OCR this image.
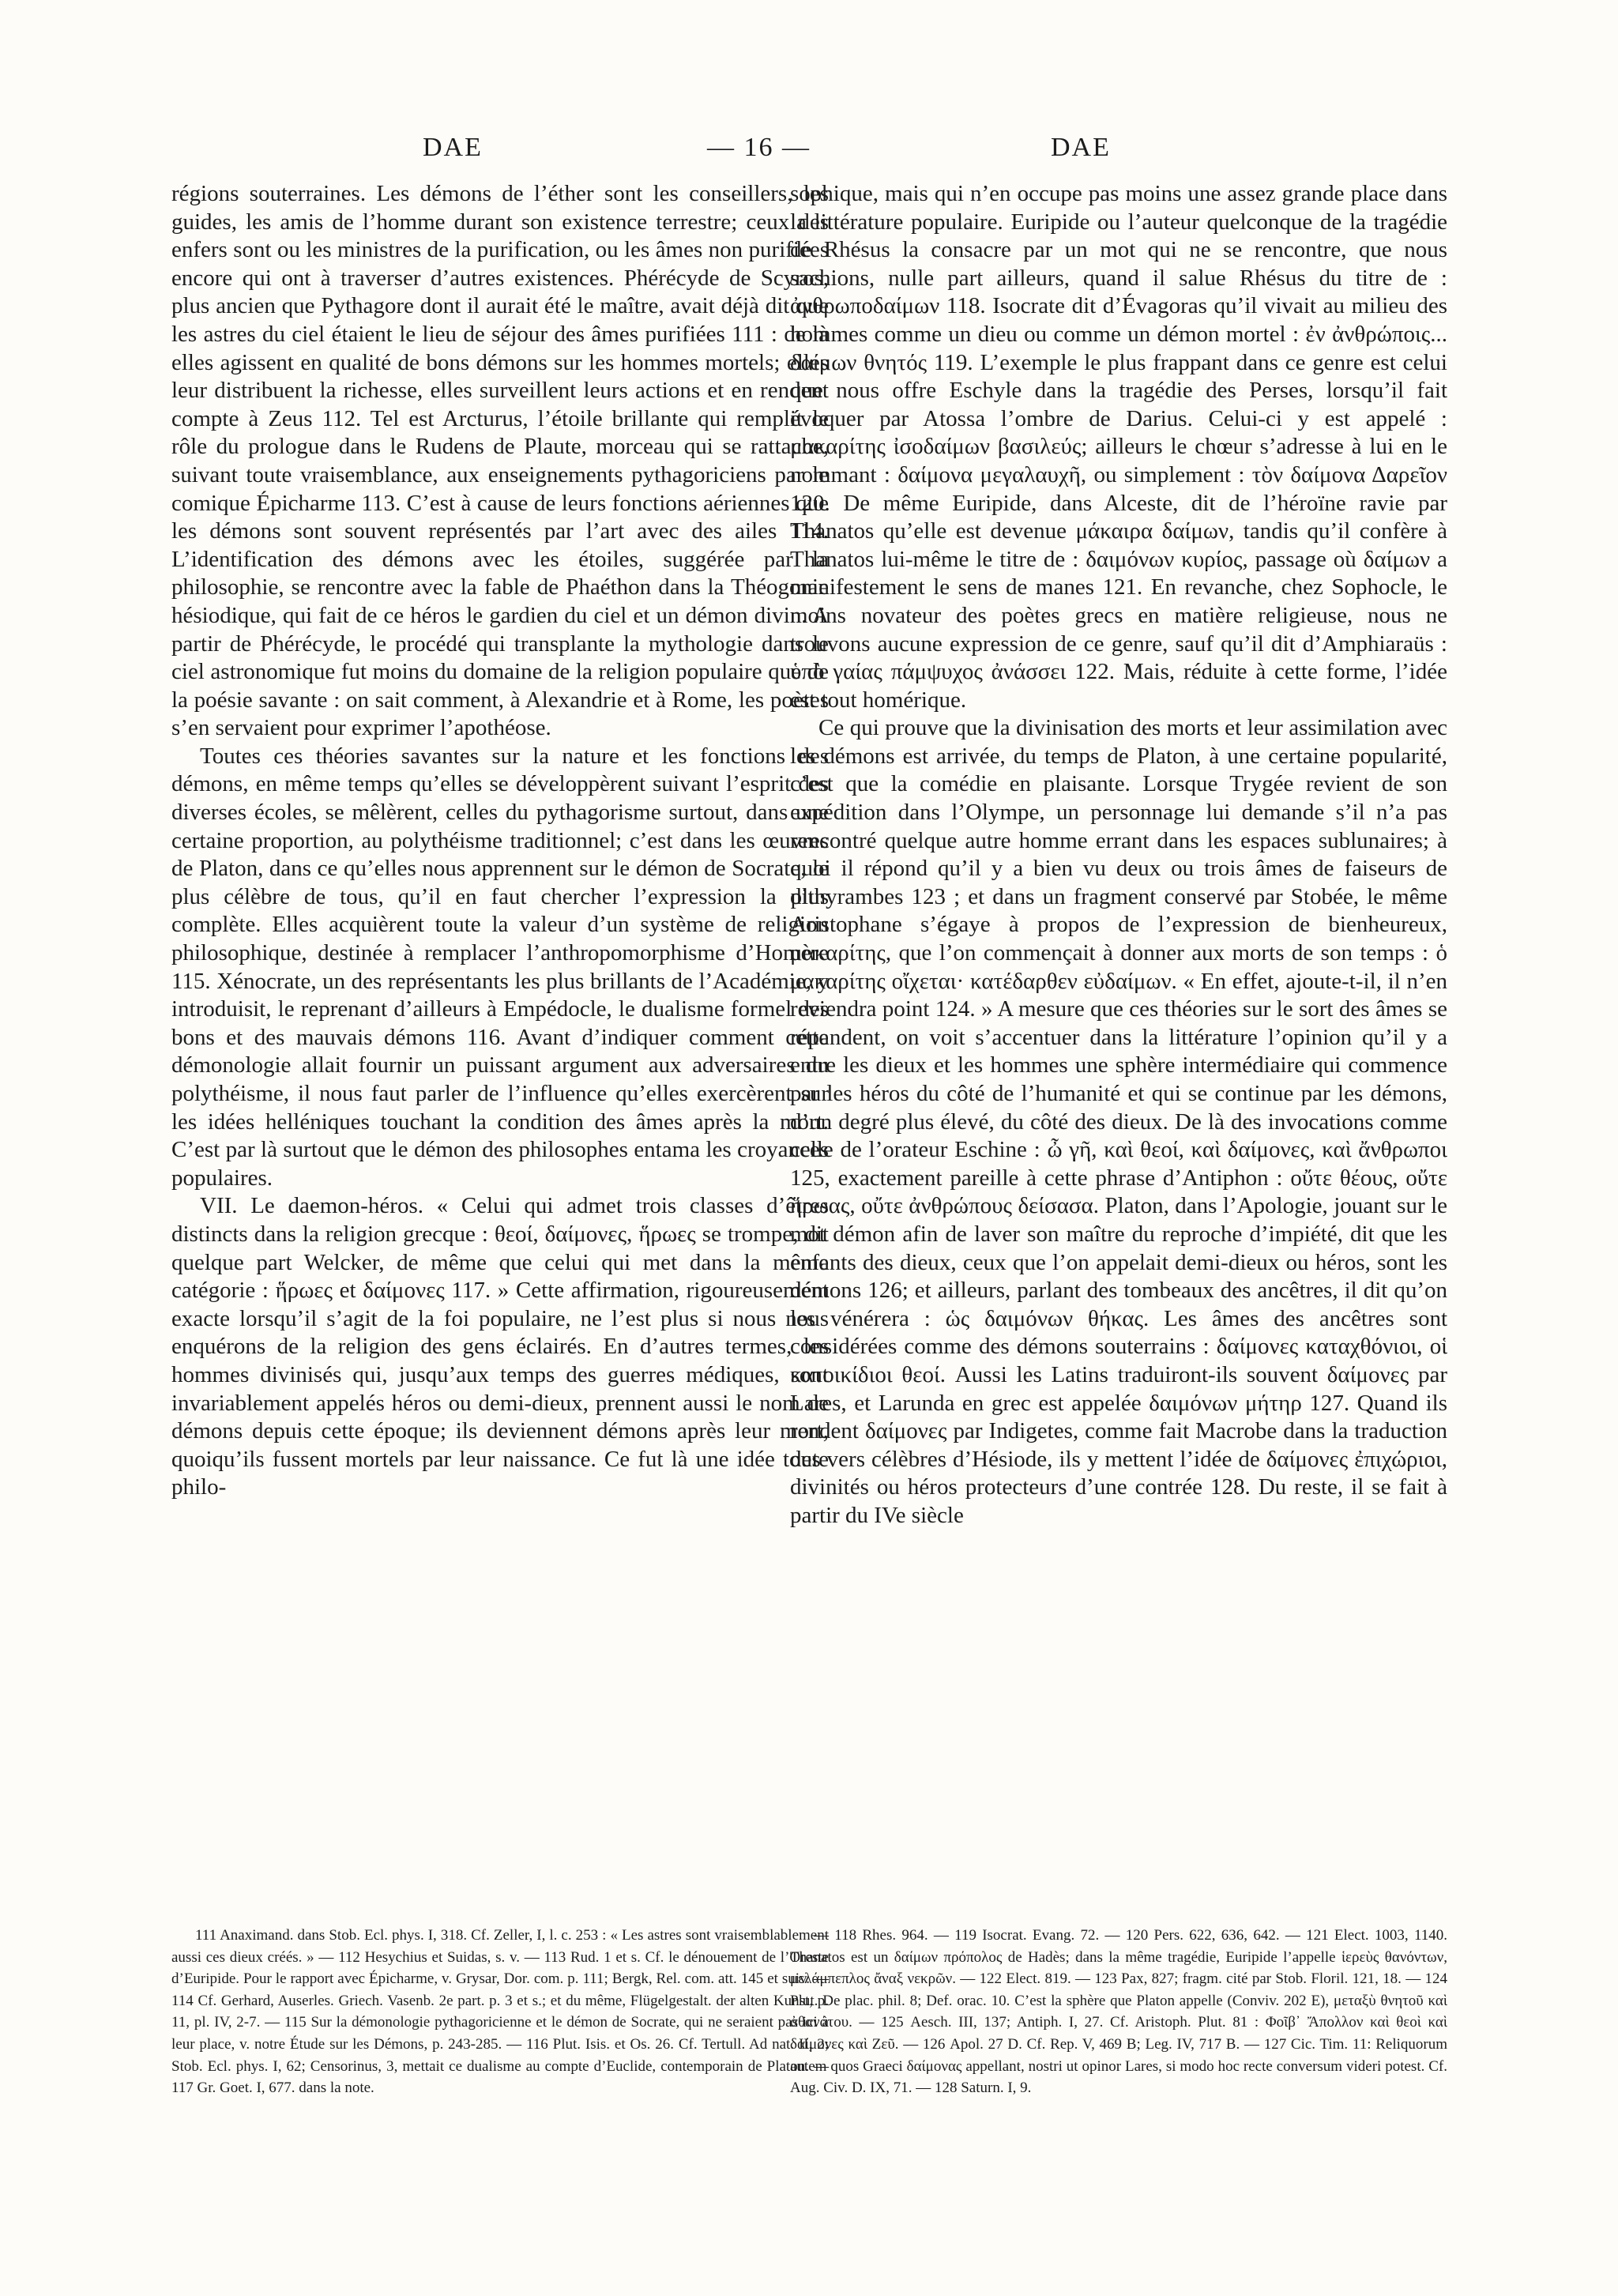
DAE	— 16 —	DAE

régions souterraines. Les démons de l’éther sont les conseillers, les guides, les amis de l’homme durant son existence terrestre; ceux des enfers sont ou les ministres de la purification, ou les âmes non purifiées encore qui ont à traverser d’autres existences. Phérécyde de Scyros, plus ancien que Pythagore dont il aurait été le maître, avait déjà dit que les astres du ciel étaient le lieu de séjour des âmes purifiées 111 : de là elles agissent en qualité de bons démons sur les hommes mortels; elles leur distribuent la richesse, elles surveillent leurs actions et en rendent compte à Zeus 112. Tel est Arcturus, l’étoile brillante qui remplit le rôle du prologue dans le Rudens de Plaute, morceau qui se rattache, suivant toute vraisemblance, aux enseignements pythagoriciens par le comique Épicharme 113. C’est à cause de leurs fonctions aériennes que les démons sont souvent représentés par l’art avec des ailes 114. L’identification des démons avec les étoiles, suggérée par la philosophie, se rencontre avec la fable de Phaéthon dans la Théogonie hésiodique, qui fait de ce héros le gardien du ciel et un démon divin. A partir de Phérécyde, le procédé qui transplante la mythologie dans le ciel astronomique fut moins du domaine de la religion populaire que de la poésie savante : on sait comment, à Alexandrie et à Rome, les poètes s’en servaient pour exprimer l’apothéose.

Toutes ces théories savantes sur la nature et les fonctions des démons, en même temps qu’elles se développèrent suivant l’esprit des diverses écoles, se mêlèrent, celles du pythagorisme surtout, dans une certaine proportion, au polythéisme traditionnel; c’est dans les œuvres de Platon, dans ce qu’elles nous apprennent sur le démon de Socrate, le plus célèbre de tous, qu’il en faut chercher l’expression la plus complète. Elles acquièrent toute la valeur d’un système de religion philosophique, destinée à remplacer l’anthropomorphisme d’Homère 115. Xénocrate, un des représentants les plus brillants de l’Académie, y introduisit, le reprenant d’ailleurs à Empédocle, le dualisme formel des bons et des mauvais démons 116. Avant d’indiquer comment cette démonologie allait fournir un puissant argument aux adversaires du polythéisme, il nous faut parler de l’influence qu’elles exercèrent sur les idées helléniques touchant la condition des âmes après la mort. C’est par là surtout que le démon des philosophes entama les croyances populaires.

VII. Le daemon-héros. « Celui qui admet trois classes d’êtres distincts dans la religion grecque : θεοί, δαίμονες, ἥρωες se trompe, dit quelque part Welcker, de même que celui qui met dans la même catégorie : ἥρωες et δαίμονες 117. » Cette affirmation, rigoureusement exacte lorsqu’il s’agit de la foi populaire, ne l’est plus si nous nous enquérons de la religion des gens éclairés. En d’autres termes, les hommes divinisés qui, jusqu’aux temps des guerres médiques, sont invariablement appelés héros ou demi-dieux, prennent aussi le nom de démons depuis cette époque; ils deviennent démons après leur mort, quoiqu’ils fussent mortels par leur naissance. Ce fut là une idée toute philo-

sophique, mais qui n’en occupe pas moins une assez grande place dans la littérature populaire. Euripide ou l’auteur quelconque de la tragédie de Rhésus la consacre par un mot qui ne se rencontre, que nous sachions, nulle part ailleurs, quand il salue Rhésus du titre de : ἀνθρωποδαίμων 118. Isocrate dit d’Évagoras qu’il vivait au milieu des hommes comme un dieu ou comme un démon mortel : ἐν ἀνθρώποις... δαίμων θνητός 119. L’exemple le plus frappant dans ce genre est celui que nous offre Eschyle dans la tragédie des Perses, lorsqu’il fait évoquer par Atossa l’ombre de Darius. Celui-ci y est appelé : μακαρίτης ἰσοδαίμων βασιλεύς; ailleurs le chœur s’adresse à lui en le nommant : δαίμονα μεγαλαυχῆ, ou simplement : τὸν δαίμονα Δαρεῖον 120. De même Euripide, dans Alceste, dit de l’héroïne ravie par Thanatos qu’elle est devenue μάκαιρα δαίμων, tandis qu’il confère à Thanatos lui-même le titre de : δαιμόνων κυρίος, passage où δαίμων a manifestement le sens de manes 121. En revanche, chez Sophocle, le moins novateur des poètes grecs en matière religieuse, nous ne trouvons aucune expression de ce genre, sauf qu’il dit d’Amphiaraüs : ὑπὸ γαίας πάμψυχος ἀνάσσει 122. Mais, réduite à cette forme, l’idée est tout homérique.

Ce qui prouve que la divinisation des morts et leur assimilation avec les démons est arrivée, du temps de Platon, à une certaine popularité, c’est que la comédie en plaisante. Lorsque Trygée revient de son expédition dans l’Olympe, un personnage lui demande s’il n’a pas rencontré quelque autre homme errant dans les espaces sublunaires; à quoi il répond qu’il y a bien vu deux ou trois âmes de faiseurs de dithyrambes 123 ; et dans un fragment conservé par Stobée, le même Aristophane s’égaye à propos de l’expression de bienheureux, μακαρίτης, que l’on commençait à donner aux morts de son temps : ὁ μακαρίτης οἴχεται· κατέδαρθεν εὐδαίμων. « En effet, ajoute-t-il, il n’en reviendra point 124. » A mesure que ces théories sur le sort des âmes se répandent, on voit s’accentuer dans la littérature l’opinion qu’il y a entre les dieux et les hommes une sphère intermédiaire qui commence par les héros du côté de l’humanité et qui se continue par les démons, d’un degré plus élevé, du côté des dieux. De là des invocations comme celle de l’orateur Eschine : ὦ γῆ, καὶ θεοί, καὶ δαίμονες, καὶ ἄνθρωποι 125, exactement pareille à cette phrase d’Antiphon : οὔτε θέους, οὔτε ἥρωας, οὔτε ἀνθρώπους δείσασα. Platon, dans l’Apologie, jouant sur le mot démon afin de laver son maître du reproche d’impiété, dit que les enfants des dieux, ceux que l’on appelait demi-dieux ou héros, sont les démons 126; et ailleurs, parlant des tombeaux des ancêtres, il dit qu’on les vénérera : ὡς δαιμόνων θήκας. Les âmes des ancêtres sont considérées comme des démons souterrains : δαίμονες καταχθόνιοι, οἱ κατοικίδιοι θεοί. Aussi les Latins traduiront-ils souvent δαίμονες par Lares, et Larunda en grec est appelée δαιμόνων μήτηρ 127. Quand ils rendent δαίμονες par Indigetes, comme fait Macrobe dans la traduction des vers célèbres d’Hésiode, ils y mettent l’idée de δαίμονες ἐπιχώριοι, divinités ou héros protecteurs d’une contrée 128. Du reste, il se fait à partir du IVe siècle

111 Anaximand. dans Stob. Ecl. phys. I, 318. Cf. Zeller, I, l. c. 253 : « Les astres sont vraisemblablement aussi ces dieux créés. » — 112 Hesychius et Suidas, s. v. — 113 Rud. 1 et s. Cf. le dénouement de l’Oreste d’Euripide. Pour le rapport avec Épicharme, v. Grysar, Dor. com. p. 111; Bergk, Rel. com. att. 145 et suiv. — 114 Cf. Gerhard, Auserles. Griech. Vasenb. 2e part. p. 3 et s.; et du même, Flügelgestalt. der alten Kunst, p. 11, pl. IV, 2-7. — 115 Sur la démonologie pythagoricienne et le démon de Socrate, qui ne seraient pas ici à leur place, v. notre Étude sur les Démons, p. 243-285. — 116 Plut. Isis. et Os. 26. Cf. Tertull. Ad nat. II, 2; Stob. Ecl. phys. I, 62; Censorinus, 3, mettait ce dualisme au compte d’Euclide, contemporain de Platon. — 117 Gr. Goet. I, 677. dans la note.

— 118 Rhes. 964. — 119 Isocrat. Evang. 72. — 120 Pers. 622, 636, 642. — 121 Elect. 1003, 1140. Thanatos est un δαίμων πρόπολος de Hadès; dans la même tragédie, Euripide l’appelle ἱερεὺς θανόντων, μελάμπεπλος ἄναξ νεκρῶν. — 122 Elect. 819. — 123 Pax, 827; fragm. cité par Stob. Floril. 121, 18. — 124 Plut. De plac. phil. 8; Def. orac. 10. C’est la sphère que Platon appelle (Conviv. 202 E), μεταξὺ θνητοῦ καὶ ἀθανάτου. — 125 Aesch. III, 137; Antiph. I, 27. Cf. Aristoph. Plut. 81 : Φοῖβ᾽ Ἄπολλον καὶ θεοὶ καὶ δαίμονες καὶ Ζεῦ. — 126 Apol. 27 D. Cf. Rep. V, 469 B; Leg. IV, 717 B. — 127 Cic. Tim. 11: Reliquorum autem quos Graeci δαίμονας appellant, nostri ut opinor Lares, si modo hoc recte conversum videri potest. Cf. Aug. Civ. D. IX, 71. — 128 Saturn. I, 9.
